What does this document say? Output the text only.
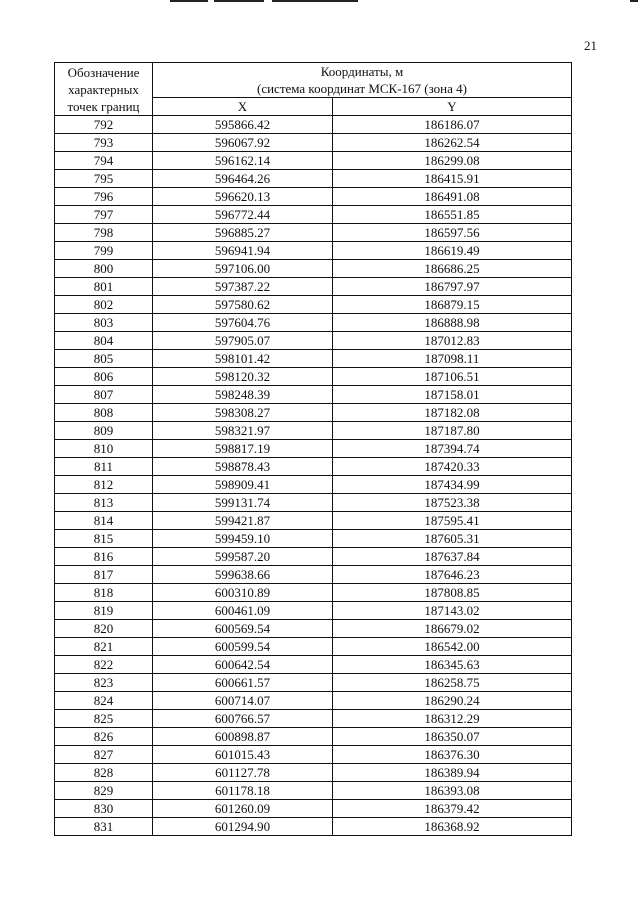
21
Обозначение
характерных
точек границ	Координаты, м	
	(система координат МСК-167 (зона 4)	
	X	Y
792	595866.42	186186.07
793	596067.92	186262.54
794	596162.14	186299.08
795	596464.26	186415.91
796	596620.13	186491.08
797	596772.44	186551.85
798	596885.27	186597.56
799	596941.94	186619.49
800	597106.00	186686.25
801	597387.22	186797.97
802	597580.62	186879.15
803	597604.76	186888.98
804	597905.07	187012.83
805	598101.42	187098.11
806	598120.32	187106.51
807	598248.39	187158.01
808	598308.27	187182.08
809	598321.97	187187.80
810	598817.19	187394.74
811	598878.43	187420.33
812	598909.41	187434.99
813	599131.74	187523.38
814	599421.87	187595.41
815	599459.10	187605.31
816	599587.20	187637.84
817	599638.66	187646.23
818	600310.89	187808.85
819	600461.09	187143.02
820	600569.54	186679.02
821	600599.54	186542.00
822	600642.54	186345.63
823	600661.57	186258.75
824	600714.07	186290.24
825	600766.57	186312.29
826	600898.87	186350.07
827	601015.43	186376.30
828	601127.78	186389.94
829	601178.18	186393.08
830	601260.09	186379.42
831	601294.90	186368.92
